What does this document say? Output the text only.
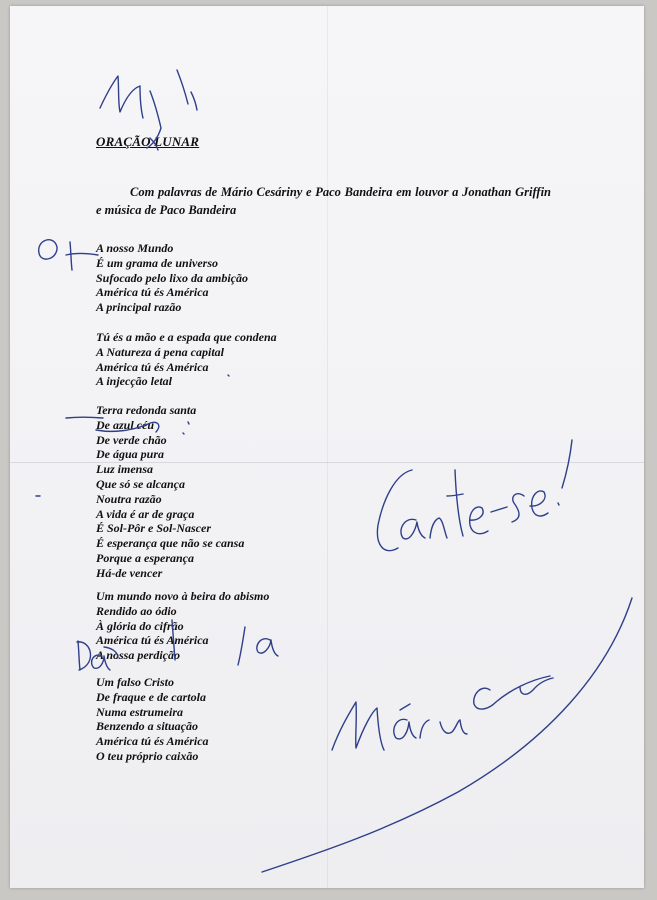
ORAÇÃO LUNAR

Com palavras de Mário Cesáriny e Paco Bandeira em louvor a Jonathan Griffin e música de Paco Bandeira

A nosso Mundo
É um grama de universo
Sufocado pelo lixo da ambição
América tú és América
A principal razão
Tú és a mão e a espada que condena
A Natureza á pena capital
América tú és América
A injecção letal
Terra redonda santa
De azul céu
De verde chão
De água pura
Luz imensa
Que só se alcança
Noutra razão
A vida é ar de graça
É Sol-Pôr e Sol-Nascer
É esperança que não se cansa
Porque a esperança
Há-de vencer
Um mundo novo à beira do abismo
Rendido ao ódio
À glória do cifrão
América tú és América
A nossa perdição
Um falso Cristo
De fraque e de cartola
Numa estrumeira
Benzendo a situação
América tú és América
O teu próprio caixão
